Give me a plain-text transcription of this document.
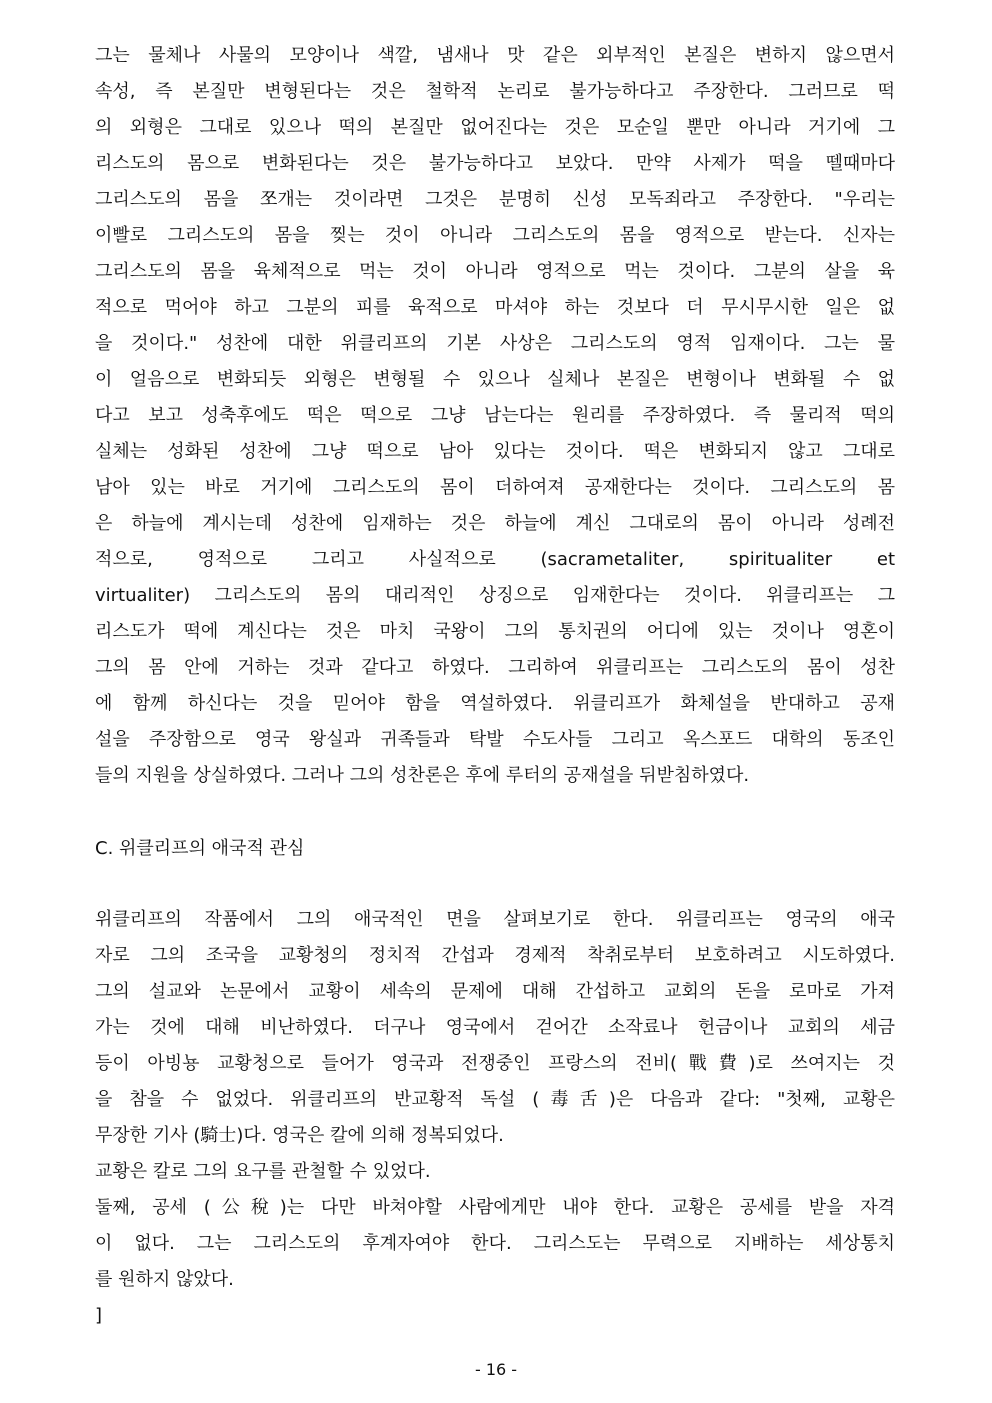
그는 물체나 사물의 모양이나 색깔, 냄새나 맛 같은 외부적인 본질은 변하지 않으면서
속성, 즉 본질만 변형된다는 것은 철학적 논리로 불가능하다고 주장한다. 그러므로 떡
의 외형은 그대로 있으나 떡의 본질만 없어진다는 것은 모순일 뿐만 아니라 거기에 그
리스도의 몸으로 변화된다는 것은 불가능하다고 보았다. 만약 사제가 떡을 뗄때마다
그리스도의 몸을 쪼개는 것이라면 그것은 분명히 신성 모독죄라고 주장한다. "우리는
이빨로 그리스도의 몸을 찢는 것이 아니라 그리스도의 몸을 영적으로 받는다. 신자는
그리스도의 몸을 육체적으로 먹는 것이 아니라 영적으로 먹는 것이다. 그분의 살을 육
적으로 먹어야 하고 그분의 피를 육적으로 마셔야 하는 것보다 더 무시무시한 일은 없
을 것이다." 성찬에 대한 위클리프의 기본 사상은 그리스도의 영적 임재이다. 그는 물
이 얼음으로 변화되듯 외형은 변형될 수 있으나 실체나 본질은 변형이나 변화될 수 없
다고 보고 성축후에도 떡은 떡으로 그냥 남는다는 원리를 주장하였다. 즉 물리적 떡의
실체는 성화된 성찬에 그냥 떡으로 남아 있다는 것이다. 떡은 변화되지 않고 그대로
남아 있는 바로 거기에 그리스도의 몸이 더하여져 공재한다는 것이다. 그리스도의 몸
은 하늘에 계시는데 성찬에 임재하는 것은 하늘에 계신 그대로의 몸이 아니라 성례전
적으로, 영적으로 그리고 사실적으로 (sacrametaliter, spiritualiter et
virtualiter) 그리스도의 몸의 대리적인 상징으로 임재한다는 것이다. 위클리프는 그
리스도가 떡에 계신다는 것은 마치 국왕이 그의 통치권의 어디에 있는 것이나 영혼이
그의 몸 안에 거하는 것과 같다고 하였다. 그리하여 위클리프는 그리스도의 몸이 성찬
에 함께 하신다는 것을 믿어야 함을 역설하였다. 위클리프가 화체설을 반대하고 공재
설을 주장함으로 영국 왕실과 귀족들과 탁발 수도사들 그리고 옥스포드 대학의 동조인
들의 지원을 상실하였다. 그러나 그의 성찬론은 후에 루터의 공재설을 뒤받침하였다.
C. 위클리프의 애국적 관심
위클리프의 작품에서 그의 애국적인 면을 살펴보기로 한다. 위클리프는 영국의 애국
자로 그의 조국을 교황청의 정치적 간섭과 경제적 착취로부터 보호하려고 시도하였다.
그의 설교와 논문에서 교황이 세속의 문제에 대해 간섭하고 교회의 돈을 로마로 가져
가는 것에 대해 비난하였다. 더구나 영국에서 걷어간 소작료나 헌금이나 교회의 세금
등이 아빙뇽 교황청으로 들어가 영국과 전쟁중인 프랑스의 전비(戰費)로 쓰여지는 것
을 참을 수 없었다. 위클리프의 반교황적 독설 (毒舌)은 다음과 같다: "첫째, 교황은
무장한 기사 (騎士)다. 영국은 칼에 의해 정복되었다.
교황은 칼로 그의 요구를 관철할 수 있었다.
둘째, 공세 (公稅)는 다만 바쳐야할 사람에게만 내야 한다. 교황은 공세를 받을 자격
이 없다. 그는 그리스도의 후계자여야 한다. 그리스도는 무력으로 지배하는 세상통치
를 원하지 않았다.
]
- 16 -
